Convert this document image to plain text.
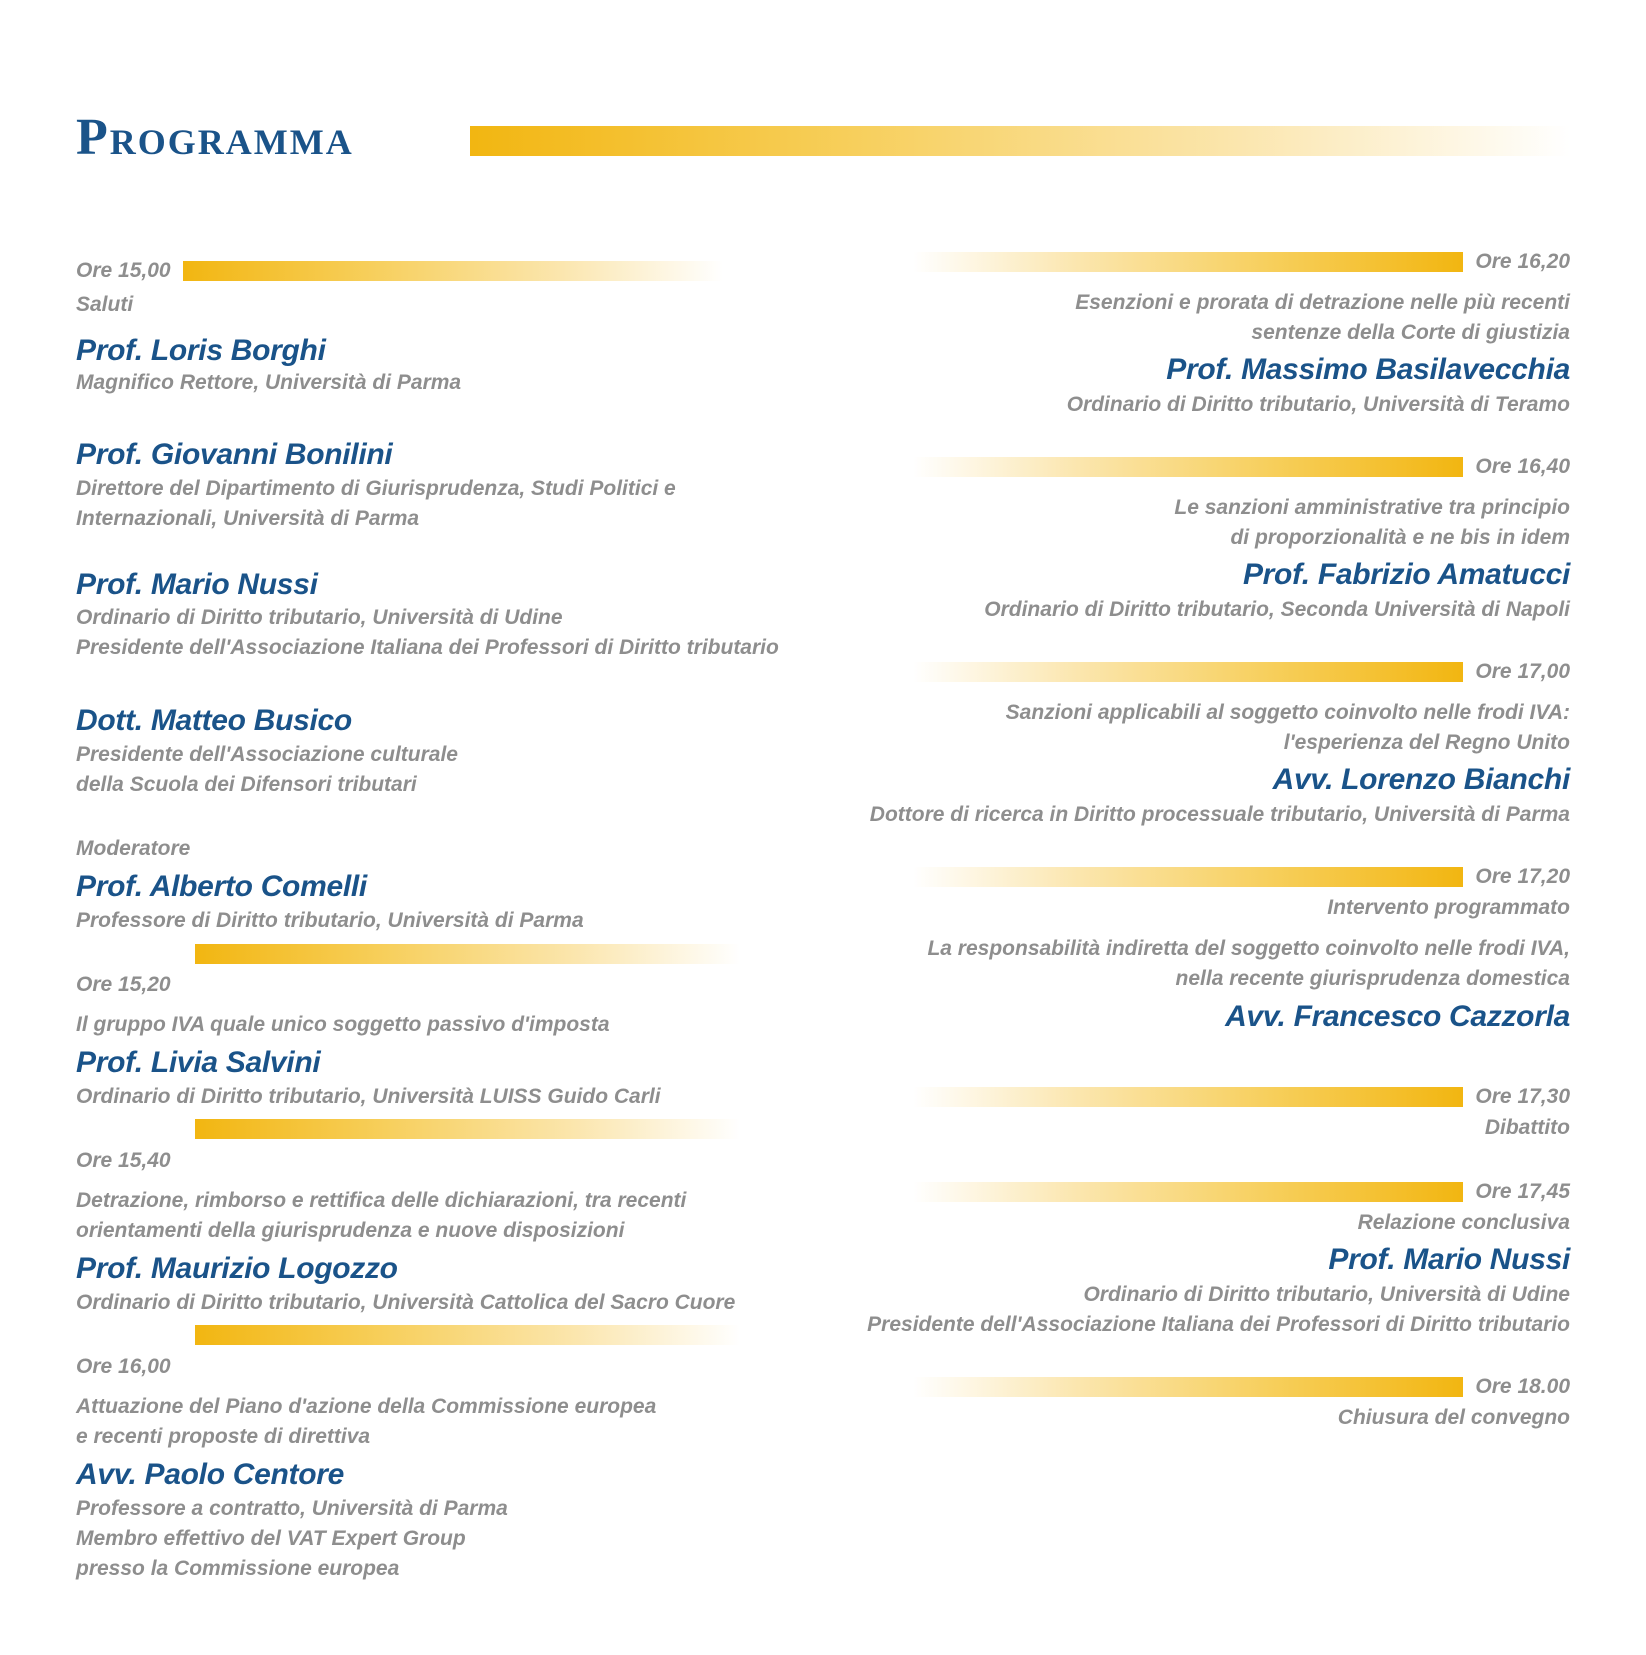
Programma
Ore 15,00
Saluti
Prof. Loris Borghi
Magnifico Rettore, Università di Parma
Prof. Giovanni Bonilini
Direttore del Dipartimento di Giurisprudenza, Studi Politici e
Internazionali, Università di Parma
Prof. Mario Nussi
Ordinario di Diritto tributario, Università di Udine
Presidente dell'Associazione Italiana dei Professori di Diritto tributario
Dott. Matteo Busico
Presidente dell'Associazione culturale
della Scuola dei Difensori tributari
Moderatore
Prof. Alberto Comelli
Professore di Diritto tributario, Università di Parma
Ore 15,20
Il gruppo IVA quale unico soggetto passivo d'imposta
Prof. Livia Salvini
Ordinario di Diritto tributario, Università LUISS Guido Carli
Ore 15,40
Detrazione, rimborso e rettifica delle dichiarazioni, tra recenti
orientamenti della giurisprudenza e nuove disposizioni
Prof. Maurizio Logozzo
Ordinario di Diritto tributario, Università Cattolica del Sacro Cuore
Ore 16,00
Attuazione del Piano d'azione della Commissione europea
e recenti proposte di direttiva
Avv. Paolo Centore
Professore a contratto, Università di Parma
Membro effettivo del VAT Expert Group
presso la Commissione europea
Ore 16,20
Esenzioni e prorata di detrazione nelle più recenti
sentenze della Corte di giustizia
Prof. Massimo Basilavecchia
Ordinario di Diritto tributario, Università di Teramo
Ore 16,40
Le sanzioni amministrative tra principio
di proporzionalità e ne bis in idem
Prof. Fabrizio Amatucci
Ordinario di Diritto tributario, Seconda Università di Napoli
Ore 17,00
Sanzioni applicabili al soggetto coinvolto nelle frodi IVA:
l'esperienza del Regno Unito
Avv. Lorenzo Bianchi
Dottore di ricerca in Diritto processuale tributario, Università di Parma
Ore 17,20
Intervento programmato
La responsabilità indiretta del soggetto coinvolto nelle frodi IVA,
nella recente giurisprudenza domestica
Avv. Francesco Cazzorla
Ore 17,30
Dibattito
Ore 17,45
Relazione conclusiva
Prof. Mario Nussi
Ordinario di Diritto tributario, Università di Udine
Presidente dell'Associazione Italiana dei Professori di Diritto tributario
Ore 18.00
Chiusura del convegno
